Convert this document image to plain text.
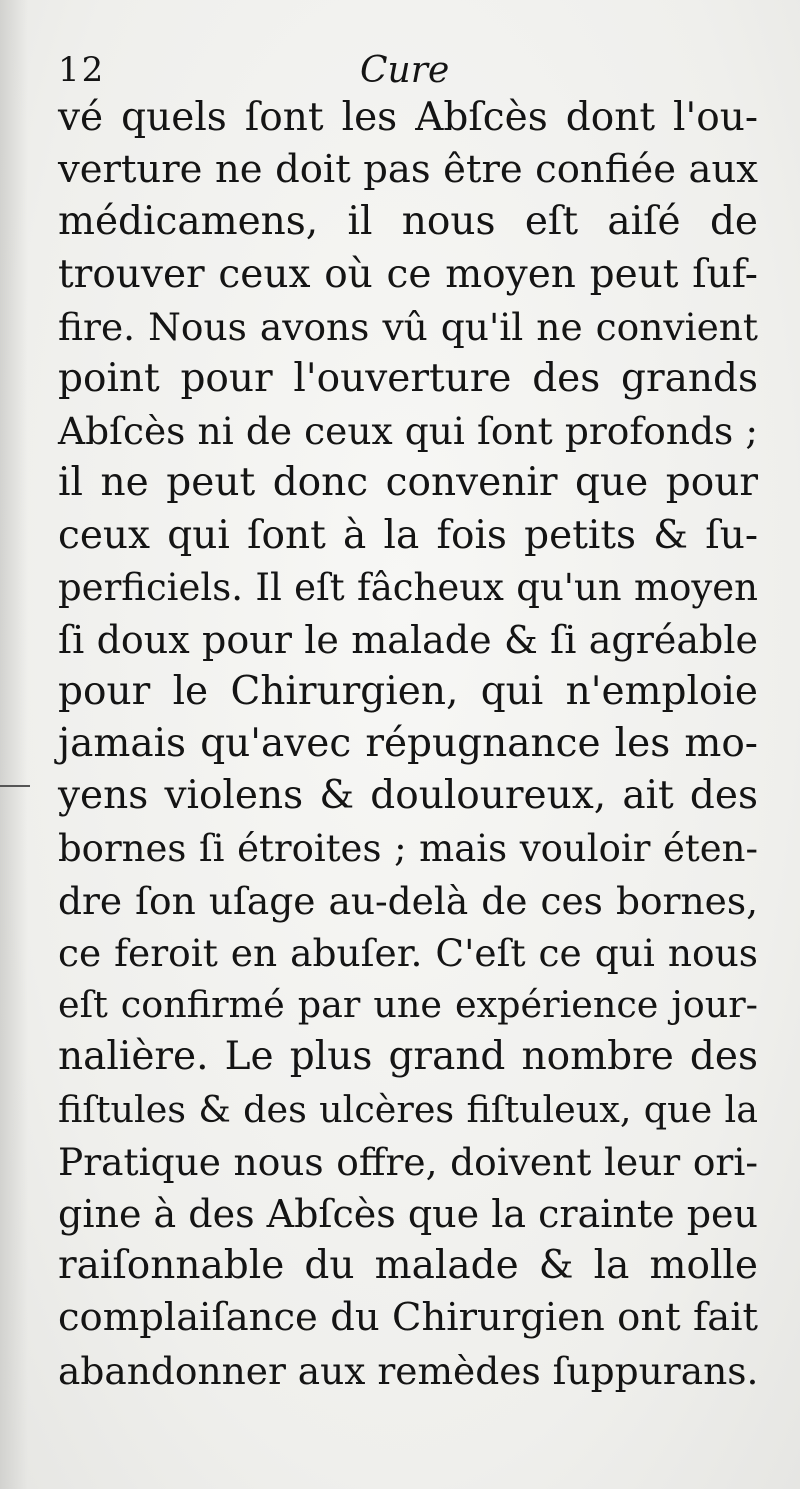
12	Cure
vé quels ſont les Abſcès dont l'ou-
verture ne doit pas être confiée aux
médicamens, il nous eſt aiſé de
trouver ceux où ce moyen peut ſuf-
fire. Nous avons vû qu'il ne convient
point pour l'ouverture des grands
Abſcès ni de ceux qui ſont profonds ;
il ne peut donc convenir que pour
ceux qui ſont à la fois petits & ſu-
perficiels. Il eſt fâcheux qu'un moyen
ſi doux pour le malade & ſi agréable
pour le Chirurgien, qui n'emploie
jamais qu'avec répugnance les mo-
yens violens & douloureux, ait des
bornes ſi étroites ; mais vouloir éten-
dre ſon uſage au-delà de ces bornes,
ce feroit en abuſer. C'eſt ce qui nous
eſt confirmé par une expérience jour-
nalière. Le plus grand nombre des
fiſtules & des ulcères fiſtuleux, que la
Pratique nous offre, doivent leur ori-
gine à des Abſcès que la crainte peu
raiſonnable du malade & la molle
complaiſance du Chirurgien ont fait
abandonner aux remèdes ſuppurans.
